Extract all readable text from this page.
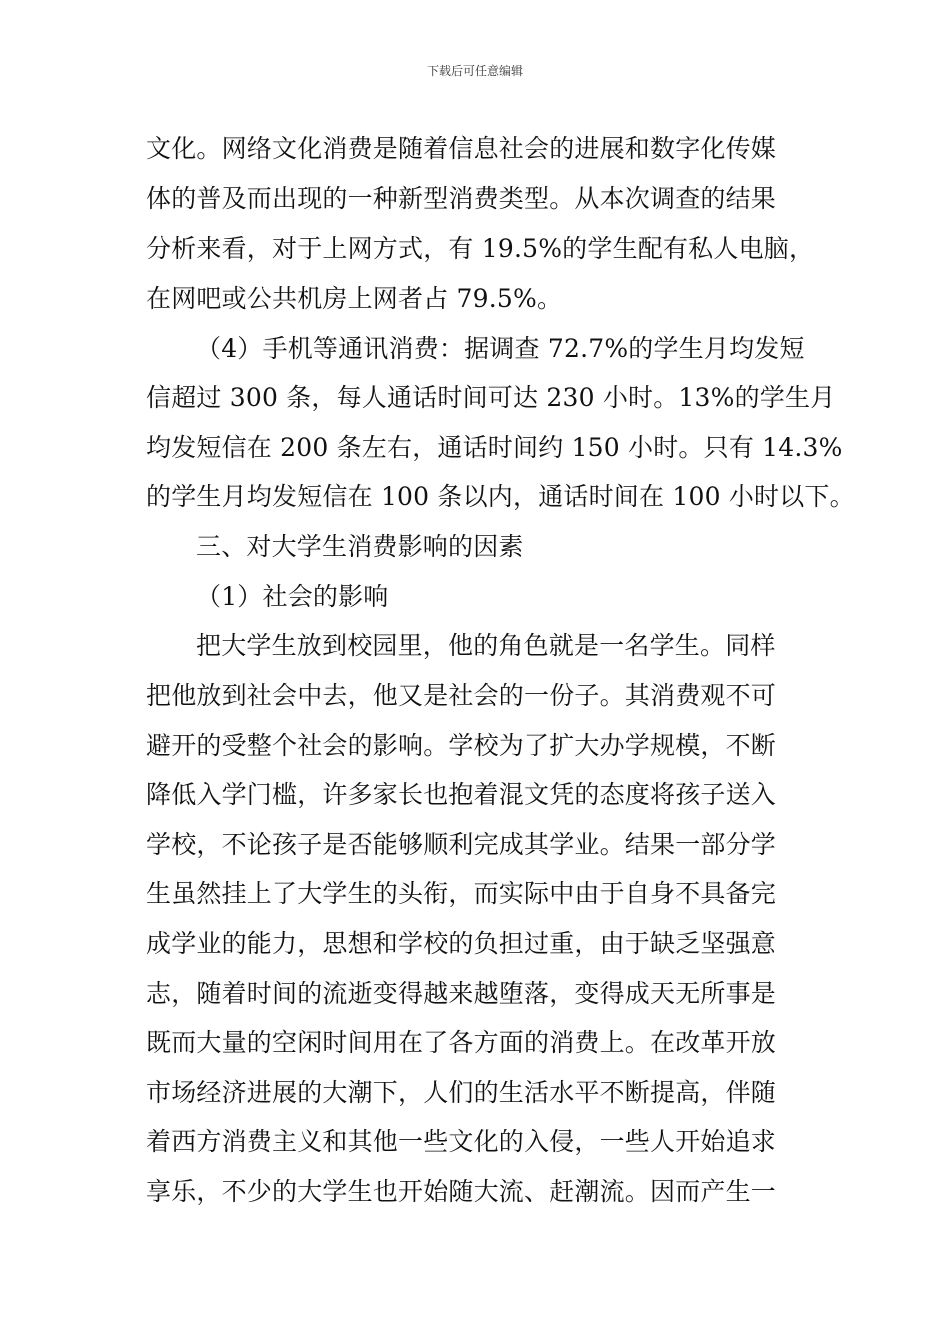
下载后可任意编辑
文化。网络文化消费是随着信息社会的进展和数字化传媒
体的普及而出现的一种新型消费类型。从本次调查的结果
分析来看，对于上网方式，有 19.5%的学生配有私人电脑，
在网吧或公共机房上网者占 79.5%。
（4）手机等通讯消费：据调查 72.7%的学生月均发短
信超过 300 条，每人通话时间可达 230 小时。13%的学生月
均发短信在 200 条左右，通话时间约 150 小时。只有 14.3%
的学生月均发短信在 100 条以内，通话时间在 100 小时以下。
三、对大学生消费影响的因素
（1）社会的影响
把大学生放到校园里，他的角色就是一名学生。同样
把他放到社会中去，他又是社会的一份子。其消费观不可
避开的受整个社会的影响。学校为了扩大办学规模，不断
降低入学门槛，许多家长也抱着混文凭的态度将孩子送入
学校，不论孩子是否能够顺利完成其学业。结果一部分学
生虽然挂上了大学生的头衔，而实际中由于自身不具备完
成学业的能力，思想和学校的负担过重，由于缺乏坚强意
志，随着时间的流逝变得越来越堕落，变得成天无所事是
既而大量的空闲时间用在了各方面的消费上。在改革开放
市场经济进展的大潮下，人们的生活水平不断提高，伴随
着西方消费主义和其他一些文化的入侵，一些人开始追求
享乐，不少的大学生也开始随大流、赶潮流。因而产生一
